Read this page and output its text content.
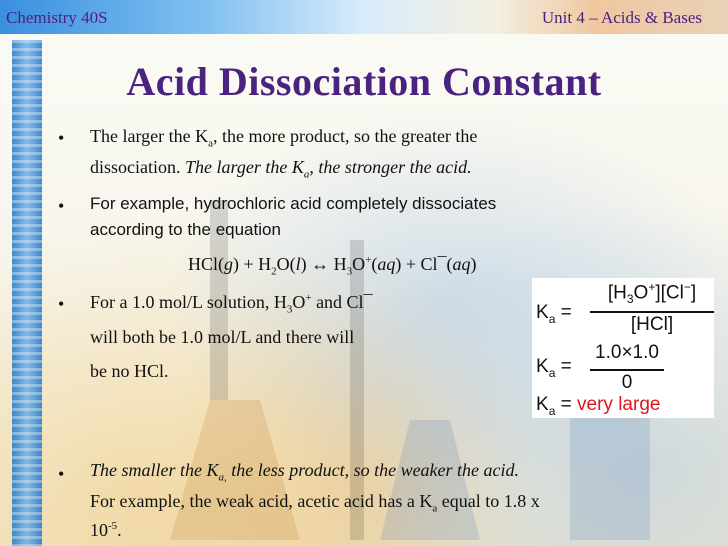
Chemistry 40S	Unit 4 – Acids & Bases
Acid Dissociation Constant
• The larger the $K_a$, the more product, so the greater the
dissociation. The larger the $K_a$, the stronger the acid.
• For example, hydrochloric acid completely dissociates
according to the equation
$HCl(g) + H_2O(l)$ ↔ $H_3O^+(aq)$ + Cl¯(aq)
• For a 1.0 mol/L solution, $H_3O^+$ and Cl¯
will both be 1.0 mol/L and there will
be no HCl.
$K_a$ =
$[H_3O^+][Cl^-]$
[HCl]
$K_a$ =
1.0×1.0
0
$K_a$ = very large
• The smaller the $K_{a,}$ the less product, so the weaker the acid.
For example, the weak acid, acetic acid has a $K_a$ equal to 1.8 x
$10^{-5}$.
